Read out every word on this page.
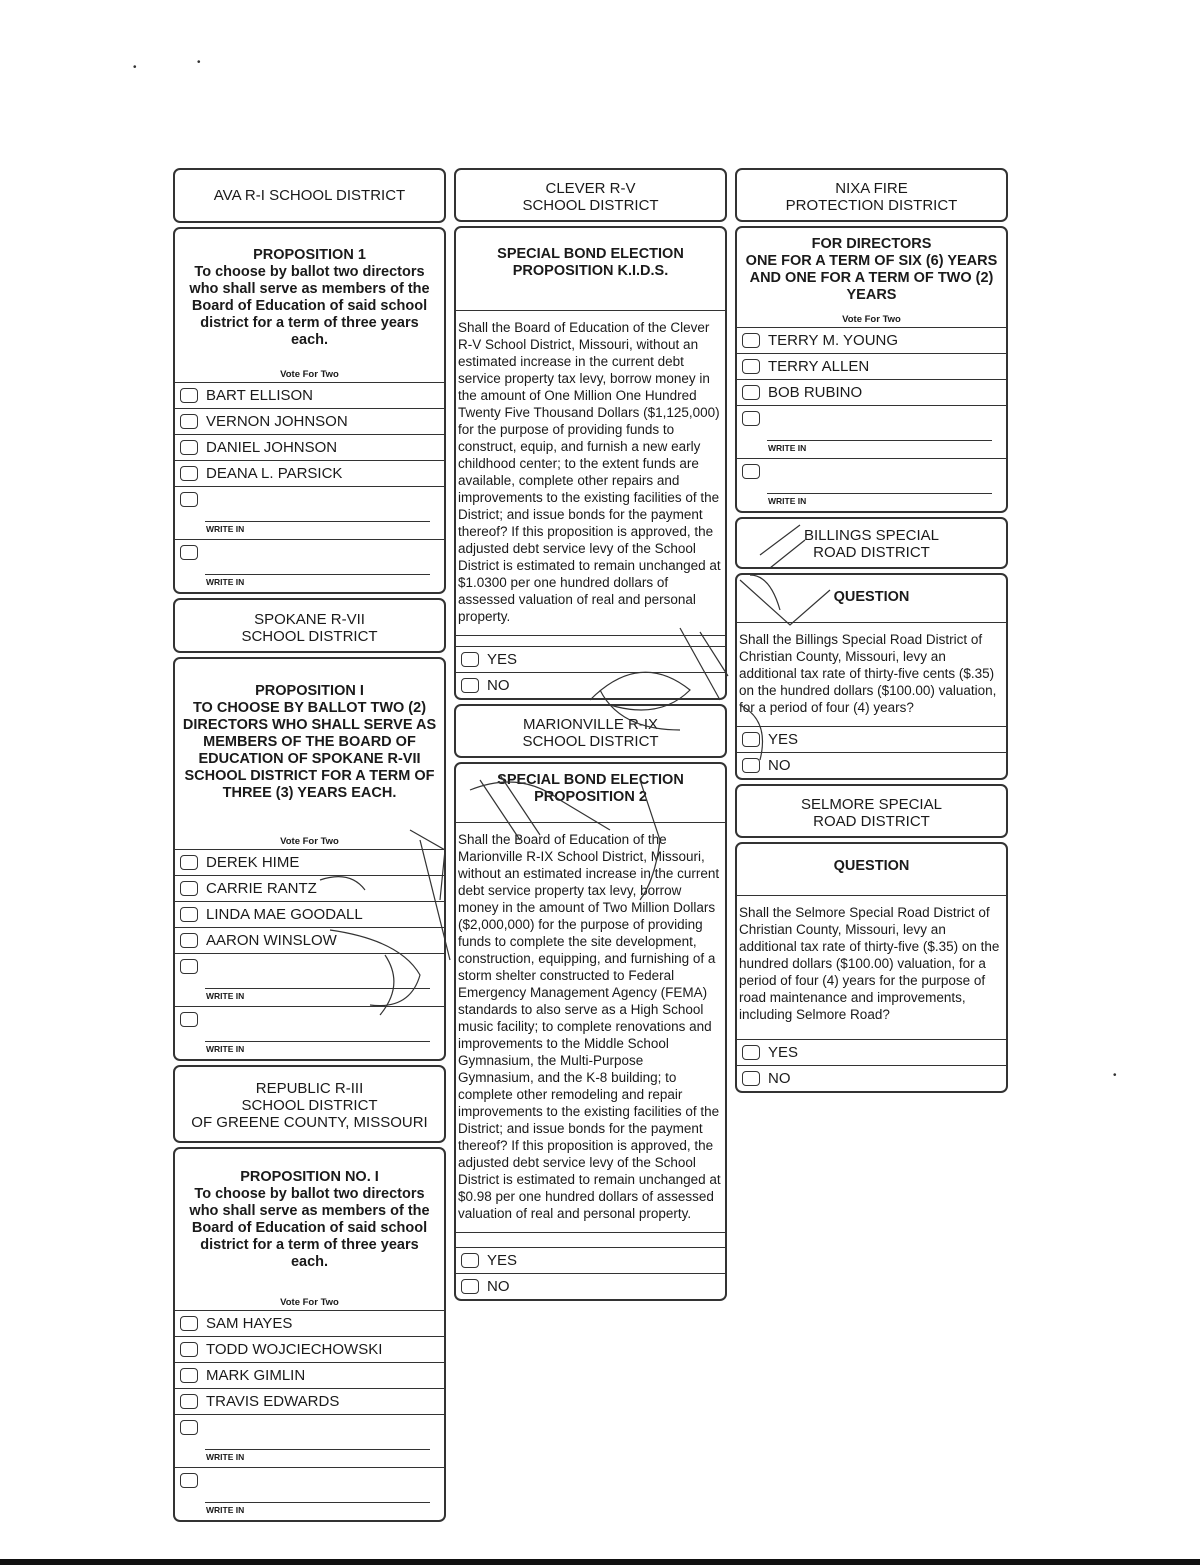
AVA R-I SCHOOL DISTRICT
PROPOSITION 1
To choose by ballot two directors who shall serve as members of the Board of Education of said school district for a term of three years each.
Vote For Two
BART ELLISON
VERNON JOHNSON
DANIEL JOHNSON
DEANA L. PARSICK
WRITE IN
WRITE IN
SPOKANE R-VII
SCHOOL DISTRICT
PROPOSITION I
TO CHOOSE BY BALLOT TWO (2) DIRECTORS WHO SHALL SERVE AS MEMBERS OF THE BOARD OF EDUCATION OF SPOKANE R-VII SCHOOL DISTRICT FOR A TERM OF THREE (3) YEARS EACH.
Vote For Two
DEREK HIME
CARRIE RANTZ
LINDA MAE GOODALL
AARON WINSLOW
WRITE IN
WRITE IN
REPUBLIC R-III
SCHOOL DISTRICT
OF GREENE COUNTY, MISSOURI
PROPOSITION NO. I
To choose by ballot two directors who shall serve as members of the Board of Education of said school district for a term of three years each.
Vote For Two
SAM HAYES
TODD WOJCIECHOWSKI
MARK GIMLIN
TRAVIS EDWARDS
WRITE IN
WRITE IN
CLEVER R-V
SCHOOL DISTRICT
SPECIAL BOND ELECTION
PROPOSITION K.I.D.S.
Shall the Board of Education of the Clever R-V School District, Missouri, without an estimated increase in the current debt service property tax levy, borrow money in the amount of One Million One Hundred Twenty Five Thousand Dollars ($1,125,000) for the purpose of providing funds to construct, equip, and furnish a new early childhood center; to the extent funds are available, complete other repairs and improvements to the existing facilities of the District; and issue bonds for the payment thereof? If this proposition is approved, the adjusted debt service levy of the School District is estimated to remain unchanged at $1.0300 per one hundred dollars of assessed valuation of real and personal property.
YES
NO
MARIONVILLE R-IX
SCHOOL DISTRICT
SPECIAL BOND ELECTION
PROPOSITION 2
Shall the Board of Education of the Marionville R-IX School District, Missouri, without an estimated increase in the current debt service property tax levy, borrow money in the amount of Two Million Dollars ($2,000,000) for the purpose of providing funds to complete the site development, construction, equipping, and furnishing of a storm shelter constructed to Federal Emergency Management Agency (FEMA) standards to also serve as a High School music facility; to complete renovations and improvements to the Middle School Gymnasium, the Multi-Purpose Gymnasium, and the K-8 building; to complete other remodeling and repair improvements to the existing facilities of the District; and issue bonds for the payment thereof? If this proposition is approved, the adjusted debt service levy of the School District is estimated to remain unchanged at $0.98 per one hundred dollars of assessed valuation of real and personal property.
YES
NO
NIXA FIRE
PROTECTION DISTRICT
FOR DIRECTORS
ONE FOR A TERM OF SIX (6) YEARS AND ONE FOR A TERM OF TWO (2) YEARS
Vote For Two
TERRY M. YOUNG
TERRY ALLEN
BOB RUBINO
WRITE IN
WRITE IN
BILLINGS SPECIAL
ROAD DISTRICT
QUESTION
Shall the Billings Special Road District of Christian County, Missouri, levy an additional tax rate of thirty-five cents ($.35) on the hundred dollars ($100.00) valuation, for a period of four (4) years?
YES
NO
SELMORE SPECIAL
ROAD DISTRICT
QUESTION
Shall the Selmore Special Road District of Christian County, Missouri, levy an additional tax rate of thirty-five ($.35) on the hundred dollars ($100.00) valuation, for a period of four (4) years for the purpose of road maintenance and improvements, including Selmore Road?
YES
NO
•	•
•
